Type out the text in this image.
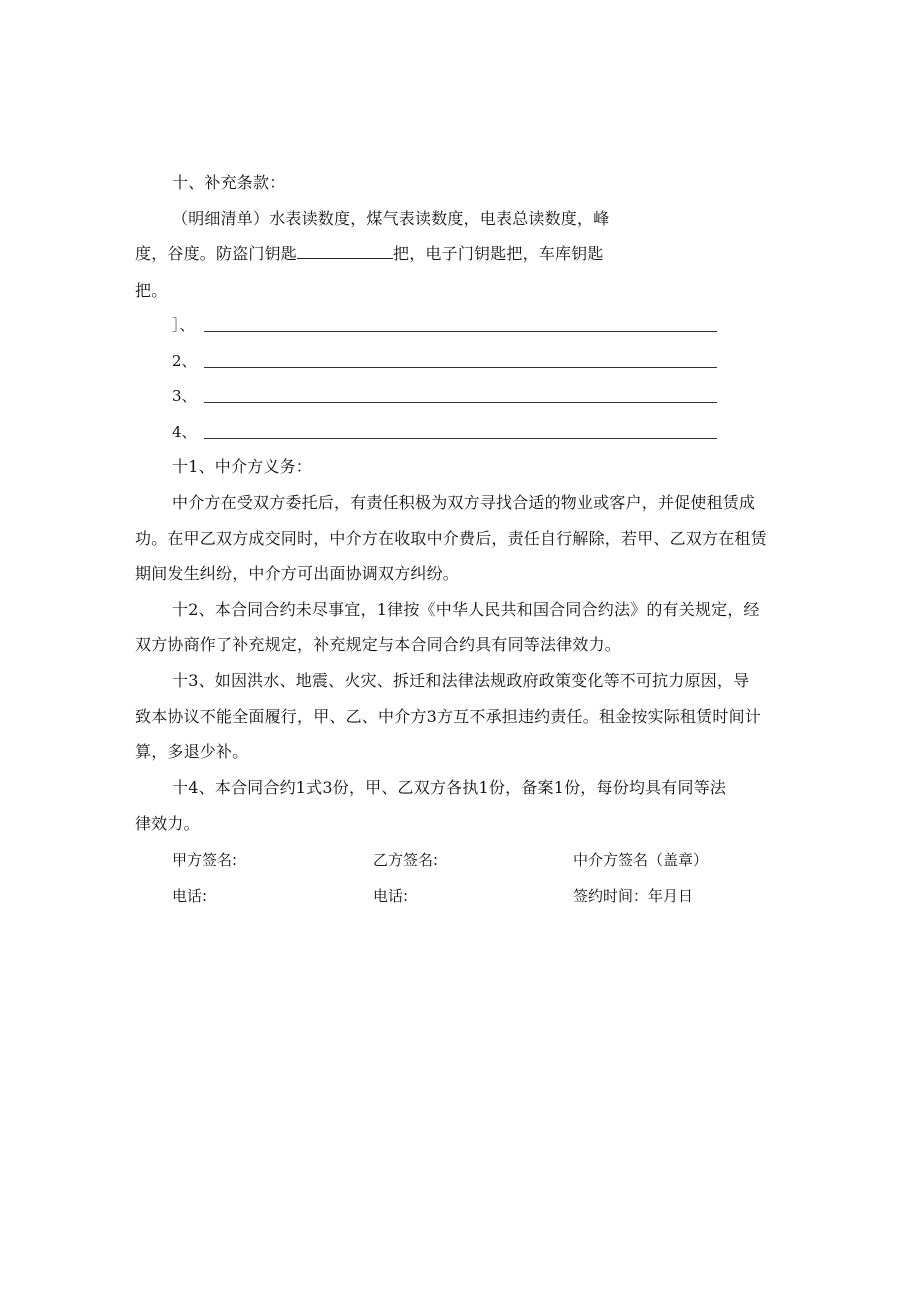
十、补充条款：
（明细清单）水表读数度，煤气表读数度，电表总读数度，峰
度，谷度。防盗门钥匙	把，电子门钥匙把，车库钥匙
把。
］、
2、
3、
4、
十1、中介方义务：
中介方在受双方委托后，有责任积极为双方寻找合适的物业或客户，并促使租赁成
功。在甲乙双方成交同时，中介方在收取中介费后，责任自行解除，若甲、乙双方在租赁
期间发生纠纷，中介方可出面协调双方纠纷。
十2、本合同合约未尽事宜，1律按《中华人民共和国合同合约法》的有关规定，经
双方协商作了补充规定，补充规定与本合同合约具有同等法律效力。
十3、如因洪水、地震、火灾、拆迁和法律法规政府政策变化等不可抗力原因，导
致本协议不能全面履行，甲、乙、中介方3方互不承担违约责任。租金按实际租赁时间计
算，多退少补。
十4、本合同合约1式3份，甲、乙双方各执1份，备案1份，每份均具有同等法
律效力。
甲方签名:	乙方签名:	中介方签名（盖章）
电话:	电话:	签约时间：年月日
